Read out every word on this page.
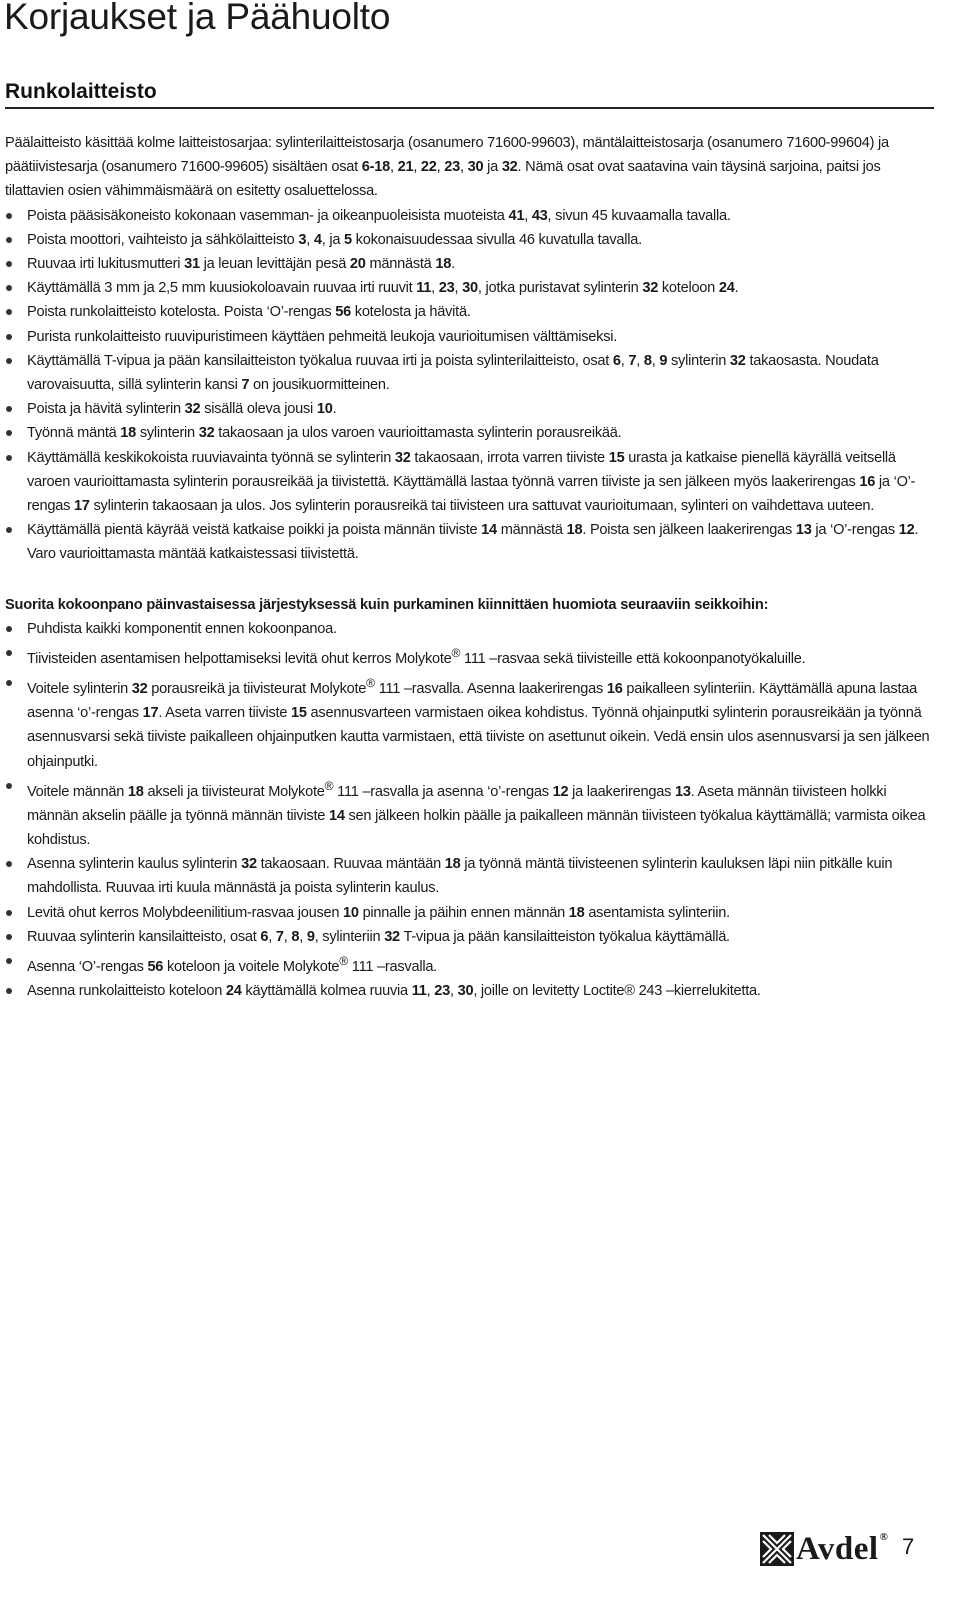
Korjaukset ja Päähuolto
Runkolaitteisto

Päälaitteisto käsittää kolme laitteistosarjaa: sylinterilaitteistosarja (osanumero 71600-99603), mäntälaitteistosarja (osanumero 71600-99604) ja päätiivistesarja (osanumero 71600-99605) sisältäen osat 6-18, 21, 22, 23, 30 ja 32. Nämä osat ovat saatavina vain täysinä sarjoina, paitsi jos tilattavien osien vähimmäismäärä on esitetty osaluettelossa.

Poista pääsisäkoneisto kokonaan vasemman- ja oikeanpuoleisista muoteista 41, 43, sivun 45 kuvaamalla tavalla.
Poista moottori, vaihteisto ja sähkölaitteisto 3, 4, ja 5 kokonaisuudessaa sivulla 46 kuvatulla tavalla.
Ruuvaa irti lukitusmutteri 31 ja leuan levittäjän pesä 20 männästä 18.
Käyttämällä 3 mm ja 2,5 mm kuusiokoloavain ruuvaa irti ruuvit 11, 23, 30, jotka puristavat sylinterin 32 koteloon 24.
Poista runkolaitteisto kotelosta. Poista ‘O’-rengas 56 kotelosta ja hävitä.
Purista runkolaitteisto ruuvipuristimeen käyttäen pehmeitä leukoja vaurioitumisen välttämiseksi.
Käyttämällä T-vipua ja pään kansilaitteiston työkalua ruuvaa irti ja poista sylinterilaitteisto, osat 6, 7, 8, 9 sylinterin 32 takaosasta. Noudata varovaisuutta, sillä sylinterin kansi 7 on jousikuormitteinen.
Poista ja hävitä sylinterin 32 sisällä oleva jousi 10.
Työnnä mäntä 18 sylinterin 32 takaosaan ja ulos varoen vaurioittamasta sylinterin porausreikää.
Käyttämällä keskikokoista ruuviavainta työnnä se sylinterin 32 takaosaan, irrota varren tiiviste 15 urasta ja katkaise pienellä käyrällä veitsellä varoen vaurioittamasta sylinterin porausreikää ja tiivistettä. Käyttämällä lastaa työnnä varren tiiviste ja sen jälkeen myös laakerirengas 16 ja ‘O’-rengas 17 sylinterin takaosaan ja ulos. Jos sylinterin porausreikä tai tiivisteen ura sattuvat vaurioitumaan, sylinteri on vaihdettava uuteen.
Käyttämällä pientä käyrää veistä katkaise poikki ja poista männän tiiviste 14 männästä 18. Poista sen jälkeen laakerirengas 13 ja ‘O’-rengas 12. Varo vaurioittamasta mäntää katkaistessasi tiivistettä.

Suorita kokoonpano päinvastaisessa järjestyksessä kuin purkaminen kiinnittäen huomiota seuraaviin seikkoihin:

Puhdista kaikki komponentit ennen kokoonpanoa.
Tiivisteiden asentamisen helpottamiseksi levitä ohut kerros Molykote® 111 –rasvaa sekä tiivisteille että kokoonpanotyökaluille.
Voitele sylinterin 32 porausreikä ja tiivisteurat Molykote® 111 –rasvalla. Asenna laakerirengas 16 paikalleen sylinteriin. Käyttämällä apuna lastaa asenna ‘o’-rengas 17. Aseta varren tiiviste 15 asennusvarteen varmistaen oikea kohdistus. Työnnä ohjainputki sylinterin porausreikään ja työnnä asennusvarsi sekä tiiviste paikalleen ohjainputken kautta varmistaen, että tiiviste on asettunut oikein. Vedä ensin ulos asennusvarsi ja sen jälkeen ohjainputki.
Voitele männän 18 akseli ja tiivisteurat Molykote® 111 –rasvalla ja asenna ‘o’-rengas 12 ja laakerirengas 13. Aseta männän tiivisteen holkki männän akselin päälle ja työnnä männän tiiviste 14 sen jälkeen holkin päälle ja paikalleen männän tiivisteen työkalua käyttämällä; varmista oikea kohdistus.
Asenna sylinterin kaulus sylinterin 32 takaosaan. Ruuvaa mäntään 18 ja työnnä mäntä tiivisteenen sylinterin kauluksen läpi niin pitkälle kuin mahdollista. Ruuvaa irti kuula männästä ja poista sylinterin kaulus.
Levitä ohut kerros Molybdeenilitium-rasvaa jousen 10 pinnalle ja päihin ennen männän 18 asentamista sylinteriin.
Ruuvaa sylinterin kansilaitteisto, osat 6, 7, 8, 9, sylinteriin 32 T-vipua ja pään kansilaitteiston työkalua käyttämällä.
Asenna ‘O’-rengas 56 koteloon ja voitele Molykote® 111 –rasvalla.
Asenna runkolaitteisto koteloon 24 käyttämällä kolmea ruuvia 11, 23, 30, joille on levitetty Loctite® 243 –kierrelukitetta.
Avdel® 7
